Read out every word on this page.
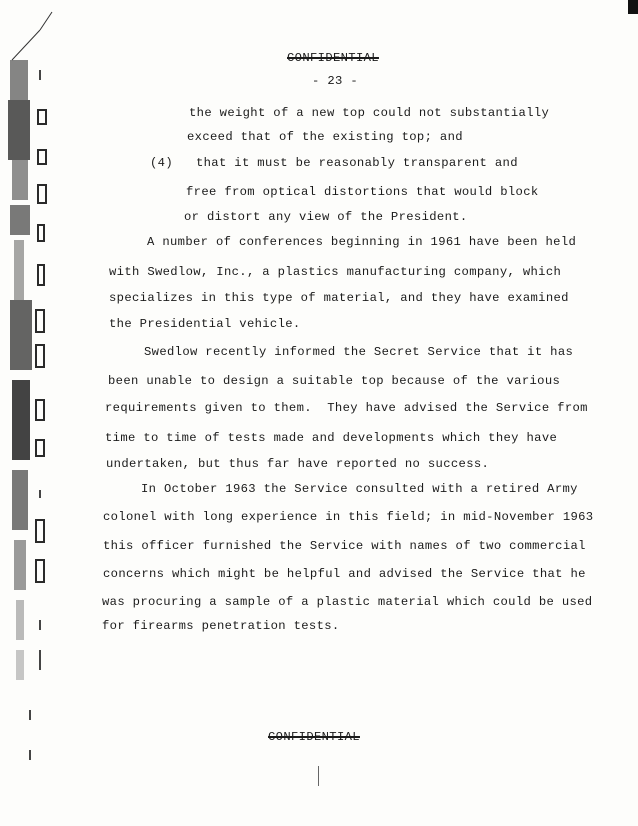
CONFIDENTIAL
- 23 -
the weight of a new top could not substantially
exceed that of the existing top; and
(4)   that it must be reasonably transparent and
free from optical distortions that would block
or distort any view of the President.
A number of conferences beginning in 1961 have been held
with Swedlow, Inc., a plastics manufacturing company, which
specializes in this type of material, and they have examined
the Presidential vehicle.
Swedlow recently informed the Secret Service that it has
been unable to design a suitable top because of the various
requirements given to them.  They have advised the Service from
time to time of tests made and developments which they have
undertaken, but thus far have reported no success.
In October 1963 the Service consulted with a retired Army
colonel with long experience in this field; in mid-November 1963
this officer furnished the Service with names of two commercial
concerns which might be helpful and advised the Service that he
was procuring a sample of a plastic material which could be used
for firearms penetration tests.
CONFIDENTIAL
